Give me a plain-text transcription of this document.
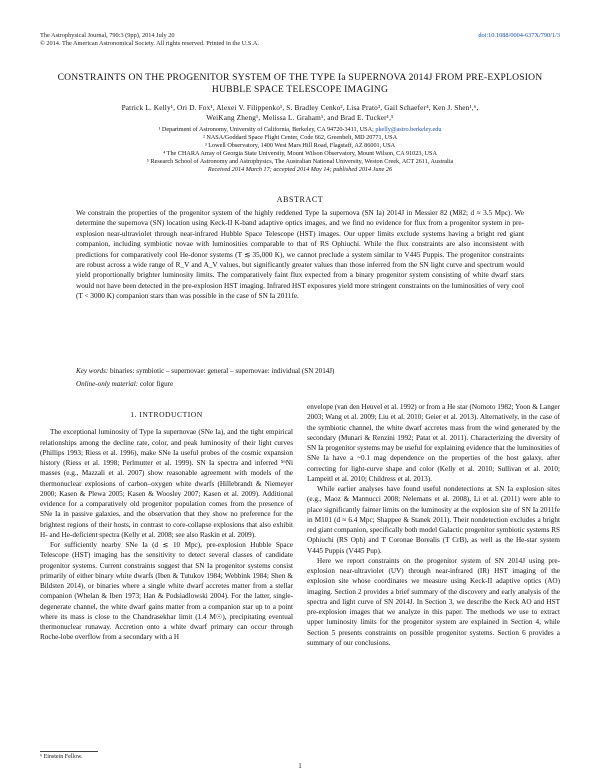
The Astrophysical Journal, 790:3 (9pp), 2014 July 20
© 2014. The American Astronomical Society. All rights reserved. Printed in the U.S.A.
doi:10.1088/0004-637X/790/1/3
CONSTRAINTS ON THE PROGENITOR SYSTEM OF THE TYPE Ia SUPERNOVA 2014J FROM PRE-EXPLOSION HUBBLE SPACE TELESCOPE IMAGING
Patrick L. Kelly¹, Ori D. Fox¹, Alexei V. Filippenko¹, S. Bradley Cenko², Lisa Prato³, Gail Schaefer⁴, Ken J. Shen¹,⁶,
WeiKang Zheng¹, Melissa L. Graham¹, and Brad E. Tucker¹,⁵
¹ Department of Astronomy, University of California, Berkeley, CA 94720-3411, USA; pkelly@astro.berkeley.edu
² NASA/Goddard Space Flight Center, Code 662, Greenbelt, MD 20771, USA
³ Lowell Observatory, 1400 West Mars Hill Road, Flagstaff, AZ 86001, USA
⁴ The CHARA Array of Georgia State University, Mount Wilson Observatory, Mount Wilson, CA 91023, USA
⁵ Research School of Astronomy and Astrophysics, The Australian National University, Weston Creek, ACT 2611, Australia
Received 2014 March 17; accepted 2014 May 14; published 2014 June 26
ABSTRACT
We constrain the properties of the progenitor system of the highly reddened Type Ia supernova (SN Ia) 2014J in Messier 82 (M82; d ≈ 3.5 Mpc). We determine the supernova (SN) location using Keck-II K-band adaptive optics images, and we find no evidence for flux from a progenitor system in pre-explosion near-ultraviolet through near-infrared Hubble Space Telescope (HST) images. Our upper limits exclude systems having a bright red giant companion, including symbiotic novae with luminosities comparable to that of RS Ophiuchi. While the flux constraints are also inconsistent with predictions for comparatively cool He-donor systems (T ≲ 35,000 K), we cannot preclude a system similar to V445 Puppis. The progenitor constraints are robust across a wide range of R_V and A_V values, but significantly greater values than those inferred from the SN light curve and spectrum would yield proportionally brighter luminosity limits. The comparatively faint flux expected from a binary progenitor system consisting of white dwarf stars would not have been detected in the pre-explosion HST imaging. Infrared HST exposures yield more stringent constraints on the luminosities of very cool (T < 3000 K) companion stars than was possible in the case of SN Ia 2011fe.
Key words: binaries: symbiotic – supernovae: general – supernovae: individual (SN 2014J)
Online-only material: color figure
1. INTRODUCTION

The exceptional luminosity of Type Ia supernovae (SNe Ia), and the tight empirical relationships among the decline rate, color, and peak luminosity of their light curves (Phillips 1993; Riess et al. 1996), make SNe Ia useful probes of the cosmic expansion history (Riess et al. 1998; Perlmutter et al. 1999). SN Ia spectra and inferred ⁵⁶Ni masses (e.g., Mazzali et al. 2007) show reasonable agreement with models of the thermonuclear explosions of carbon–oxygen white dwarfs (Hillebrandt & Niemeyer 2000; Kasen & Plewa 2005; Kasen & Woosley 2007; Kasen et al. 2009). Additional evidence for a comparatively old progenitor population comes from the presence of SNe Ia in passive galaxies, and the observation that they show no preference for the brightest regions of their hosts, in contrast to core-collapse explosions that also exhibit H- and He-deficient spectra (Kelly et al. 2008; see also Raskin et al. 2009).

For sufficiently nearby SNe Ia (d ≲ 10 Mpc), pre-explosion Hubble Space Telescope (HST) imaging has the sensitivity to detect several classes of candidate progenitor systems. Current constraints suggest that SN Ia progenitor systems consist primarily of either binary white dwarfs (Iben & Tutukov 1984; Webbink 1984; Shen & Bildsten 2014), or binaries where a single white dwarf accretes matter from a stellar companion (Whelan & Iben 1973; Han & Podsiadlowski 2004). For the latter, single-degenerate channel, the white dwarf gains matter from a companion star up to a point where its mass is close to the Chandrasekhar limit (1.4 M☉), precipitating eventual thermonuclear runaway. Accretion onto a white dwarf primary can occur through Roche-lobe overflow from a secondary with a H

envelope (van den Heuvel et al. 1992) or from a He star (Nomoto 1982; Yoon & Langer 2003; Wang et al. 2009; Liu et al. 2010; Geier et al. 2013). Alternatively, in the case of the symbiotic channel, the white dwarf accretes mass from the wind generated by the secondary (Munari & Renzini 1992; Patat et al. 2011). Characterizing the diversity of SN Ia progenitor systems may be useful for explaining evidence that the luminosities of SNe Ia have a ~0.1 mag dependence on the properties of the host galaxy, after correcting for light-curve shape and color (Kelly et al. 2010; Sullivan et al. 2010; Lampeitl et al. 2010; Childress et al. 2013).

While earlier analyses have found useful nondetections at SN Ia explosion sites (e.g., Maoz & Mannucci 2008; Nelemans et al. 2008), Li et al. (2011) were able to place significantly fainter limits on the luminosity at the explosion site of SN Ia 2011fe in M101 (d ≈ 6.4 Mpc; Shappee & Stanek 2011). Their nondetection excludes a bright red giant companion, specifically both model Galactic progenitor symbiotic systems RS Ophiuchi (RS Oph) and T Coronae Borealis (T CrB), as well as the He-star system V445 Puppis (V445 Pup).

Here we report constraints on the progenitor system of SN 2014J using pre-explosion near-ultraviolet (UV) through near-infrared (IR) HST imaging of the explosion site whose coordinates we measure using Keck-II adaptive optics (AO) imaging. Section 2 provides a brief summary of the discovery and early analysis of the spectra and light curve of SN 2014J. In Section 3, we describe the Keck AO and HST pre-explosion images that we analyze in this paper. The methods we use to extract upper luminosity limits for the progenitor system are explained in Section 4, while Section 5 presents constraints on possible progenitor systems. Section 6 provides a summary of our conclusions.

⁶ Einstein Fellow.
1
